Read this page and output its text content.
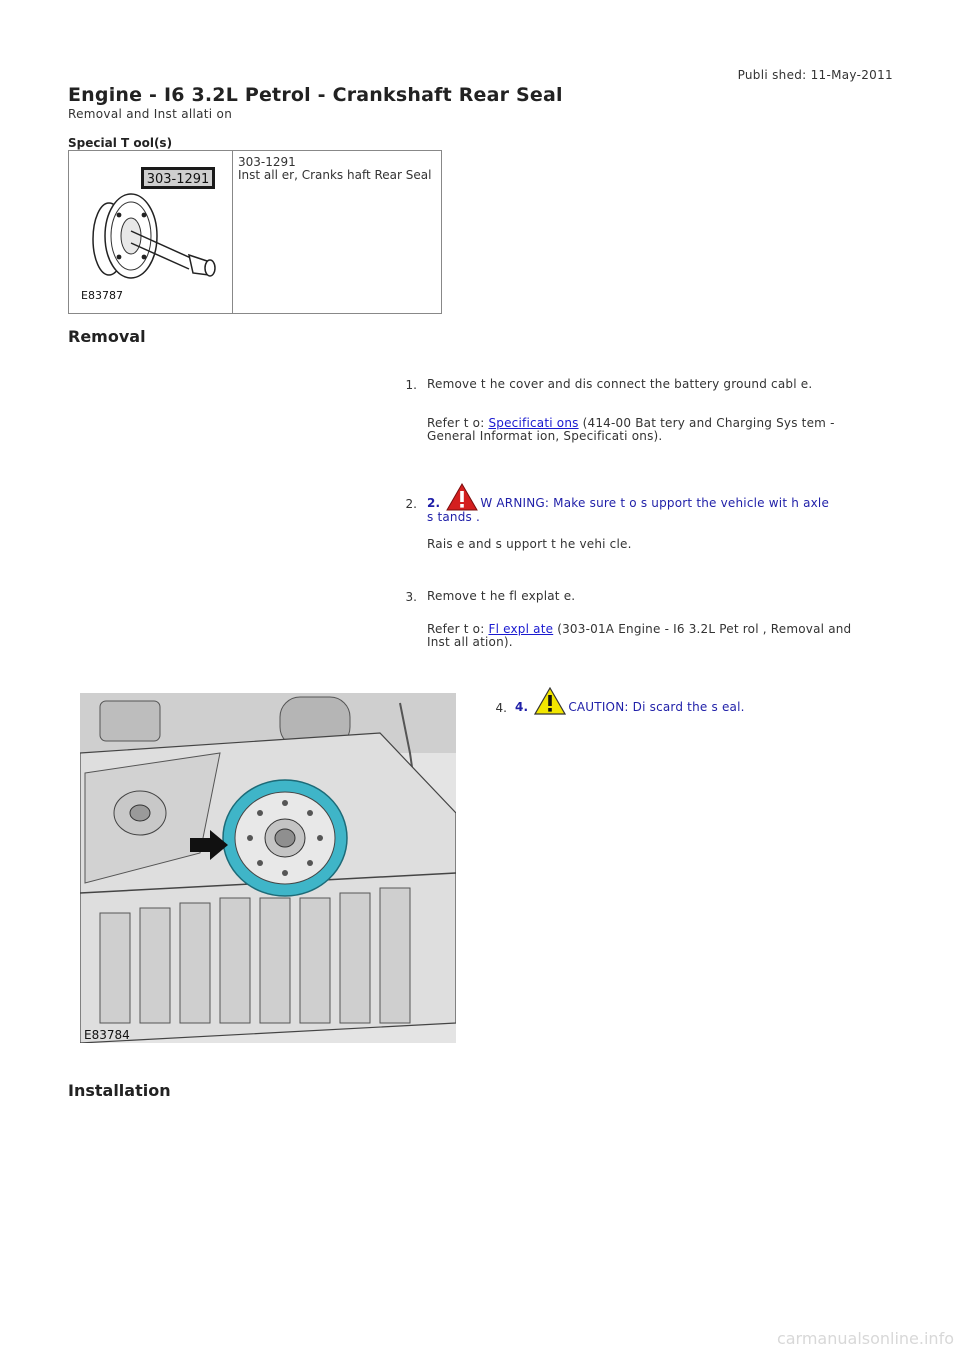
Publi shed: 11-May-2011
Engine - I6 3.2L Petrol - Crankshaft Rear Seal
Removal and Inst allati on
Special T ool(s)
303-1291
E83787
303-1291
Inst all er, Cranks haft Rear Seal
Removal
1. Remove t he cover and dis connect the battery ground cabl e.
Refer t o: Specificati ons (414-00 Bat tery and Charging Sys tem -
General Informat ion, Specificati ons).
2. 2.	W ARNING: Make sure t o s upport the vehicle wit h axle
s tands .
Rais e and s upport t he vehi cle.
3. Remove t he fl explat e.
Refer t o: Fl expl ate (303-01A Engine - I6 3.2L Pet rol , Removal and
Inst all ation).
E83784
4. 4.	CAUTION: Di scard the s eal.
Installation
carmanualsonline.info
